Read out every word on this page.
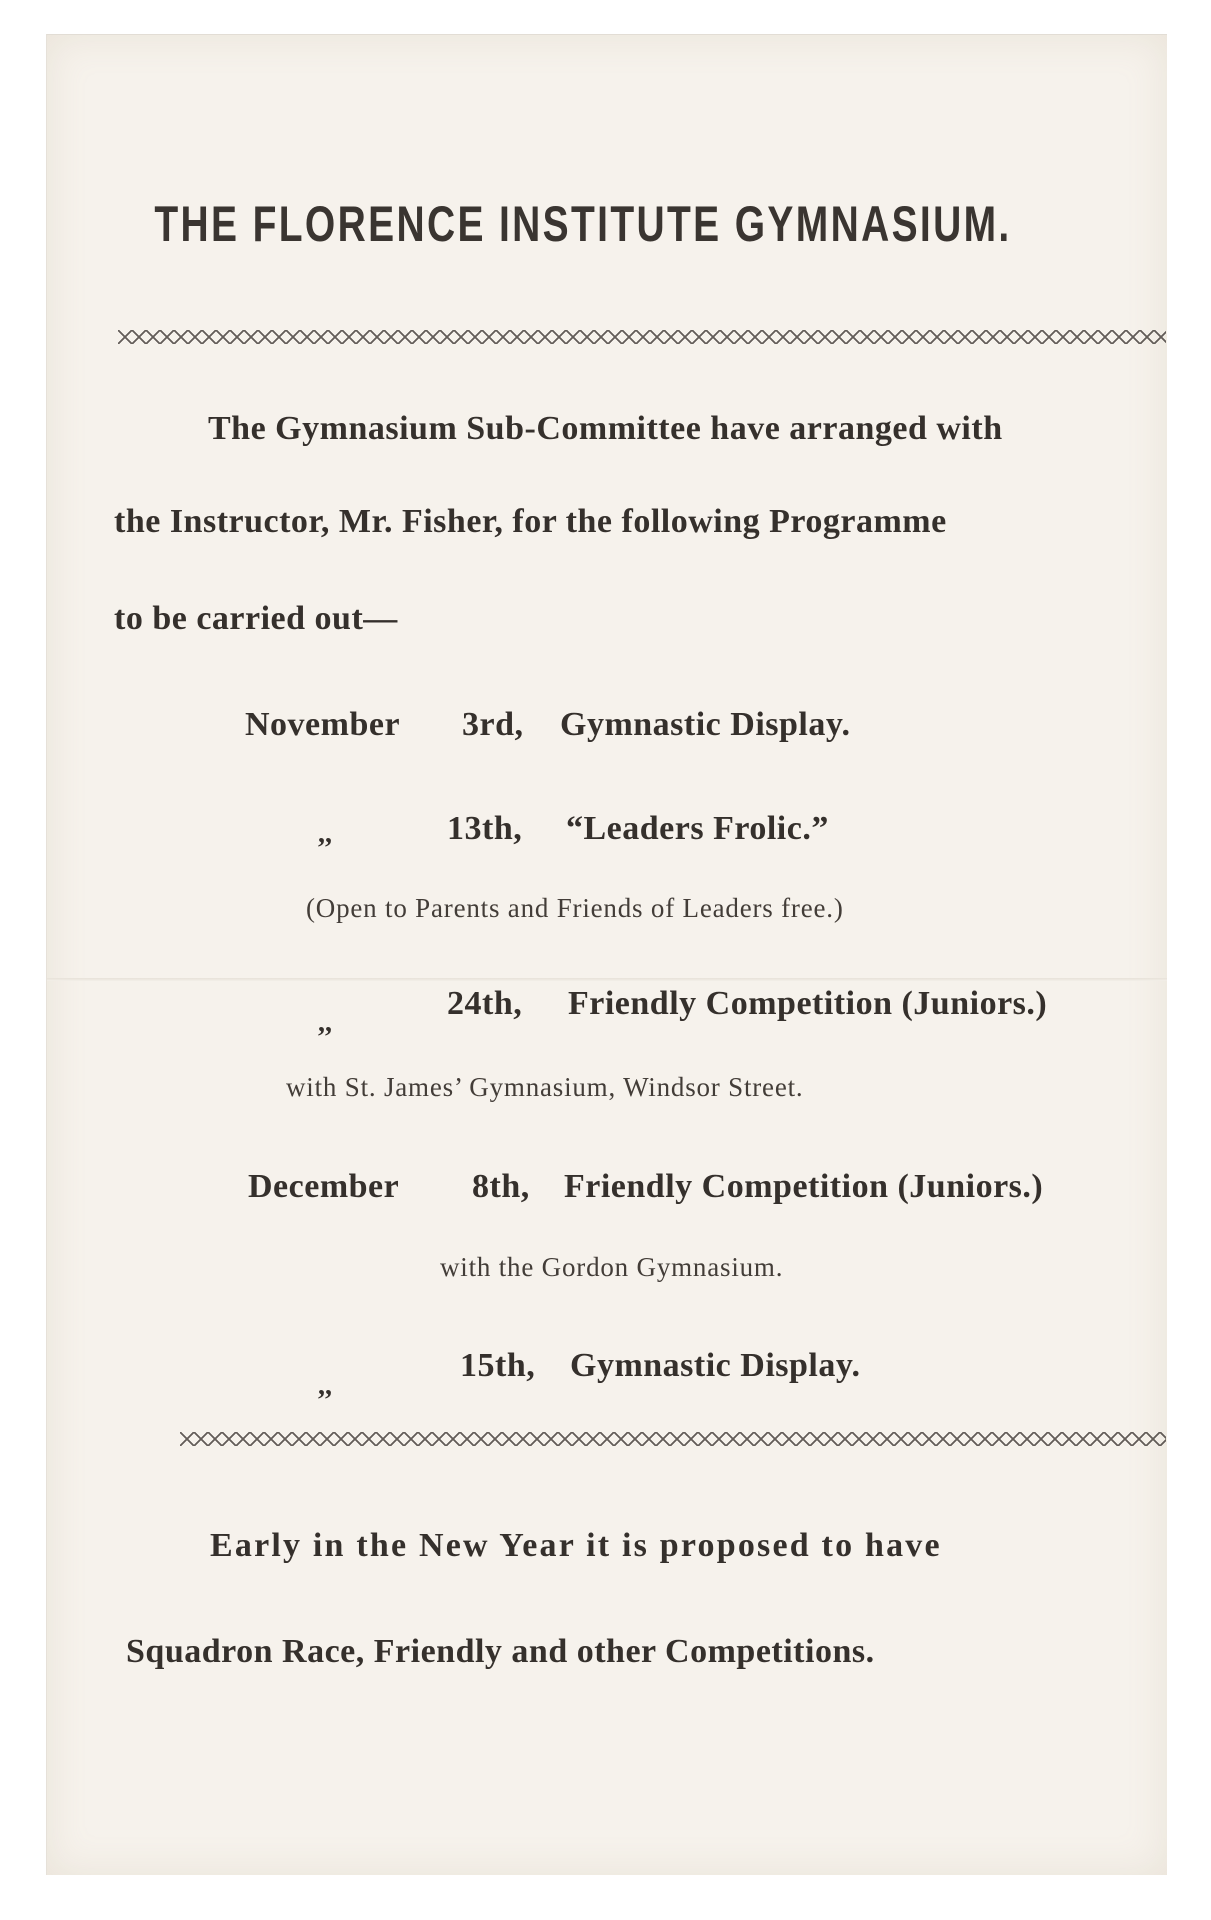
THE FLORENCE INSTITUTE GYMNASIUM.
The Gymnasium Sub-Committee have arranged with
the Instructor, Mr. Fisher, for the following Programme
to be carried out—
November 3rd, Gymnastic Display.
,,	13th, “Leaders Frolic.”
(Open to Parents and Friends of Leaders free.)
,,
24th, Friendly Competition (Juniors.)
with St. James’ Gymnasium, Windsor Street.
December 8th, Friendly Competition (Juniors.)
with the Gordon Gymnasium.
,,
15th, Gymnastic Display.
Early in the New Year it is proposed to have
Squadron Race, Friendly and other Competitions.
